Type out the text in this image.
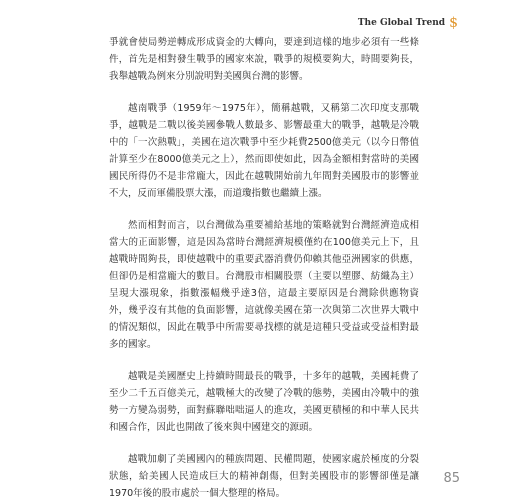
The Global Trend $

爭就會使局勢逆轉成形成資金的大轉向，要達到這樣的地步必須有一些條件，首先是相對發生戰爭的國家來說，戰爭的規模要夠大，時間要夠長，我舉越戰為例來分別說明對美國與台灣的影響。

越南戰爭（1959年～1975年），簡稱越戰，又稱第二次印度支那戰爭，越戰是二戰以後美國參戰人數最多、影響最重大的戰爭，越戰是冷戰中的「一次熱戰」，美國在這次戰爭中至少耗費2500億美元（以今日幣值計算至少在8000億美元之上），然而即使如此，因為金額相對當時的美國國民所得仍不是非常龐大，因此在越戰開始前九年間對美國股市的影響並不大，反而軍備股票大漲，而道瓊指數也繼續上漲。

然而相對而言，以台灣做為重要補給基地的策略就對台灣經濟造成相當大的正面影響，這是因為當時台灣經濟規模僅約在100億美元上下，且越戰時間夠長，即使越戰中的重要武器消費仍仰賴其他亞洲國家的供應，但卻仍是相當龐大的數目。台灣股市相關股票（主要以塑膠、紡織為主）呈現大漲現象，指數漲幅幾乎達3倍，這最主要原因是台灣除供應物資外，幾乎沒有其他的負面影響，這就像美國在第一次與第二次世界大戰中的情況類似，因此在戰爭中所需要尋找標的就是這種只受益或受益相對最多的國家。

越戰是美國歷史上持續時間最長的戰爭，十多年的越戰，美國耗費了至少二千五百億美元，越戰極大的改變了冷戰的態勢，美國由冷戰中的強勢一方變為弱勢，面對蘇聯咄咄逼人的進攻，美國更積極的和中華人民共和國合作，因此也開啟了後來與中國建交的源頭。

越戰加劇了美國國內的種族問題、民權問題，使國家處於極度的分裂狀態，給美國人民造成巨大的精神創傷，但對美國股市的影響卻僅是讓1970年後的股市處於一個大整理的格局。

85
